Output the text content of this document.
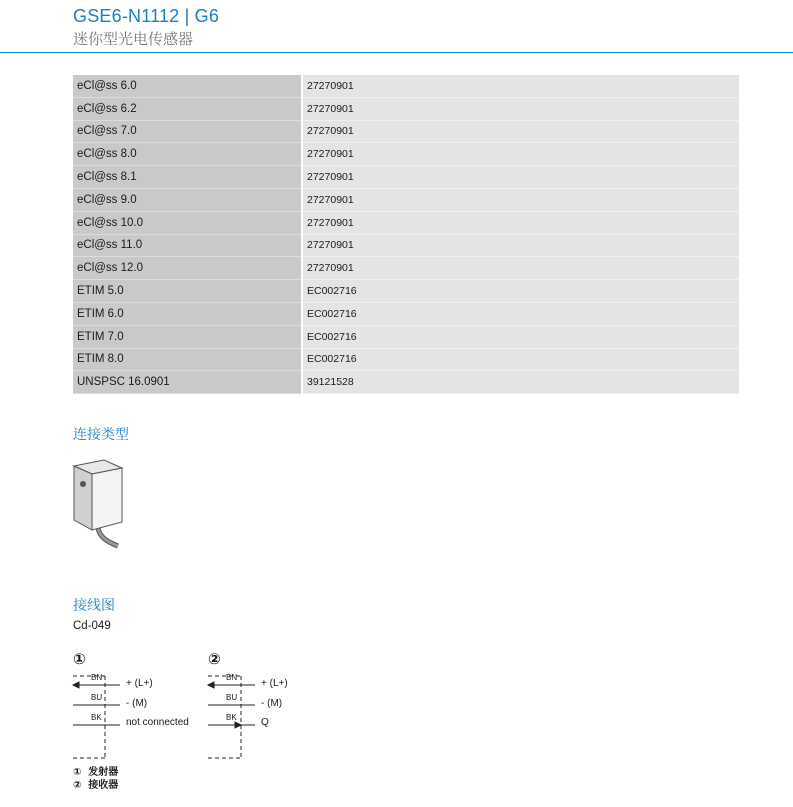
GSE6-N1112 | G6
迷你型光电传感器
eCl@ss 6.0	27270901
eCl@ss 6.2	27270901
eCl@ss 7.0	27270901
eCl@ss 8.0	27270901
eCl@ss 8.1	27270901
eCl@ss 9.0	27270901
eCl@ss 10.0	27270901
eCl@ss 11.0	27270901
eCl@ss 12.0	27270901
ETIM 5.0	EC002716
ETIM 6.0	EC002716
ETIM 7.0	EC002716
ETIM 8.0	EC002716
UNSPSC 16.0901	39121528
连接类型
接线图
Cd-049
①	②
BN
+ (L+)
BU
- (M)
BK not connected
BN
+ (L+)
BU
- (M)
BK Q
① 发射器
② 接收器
